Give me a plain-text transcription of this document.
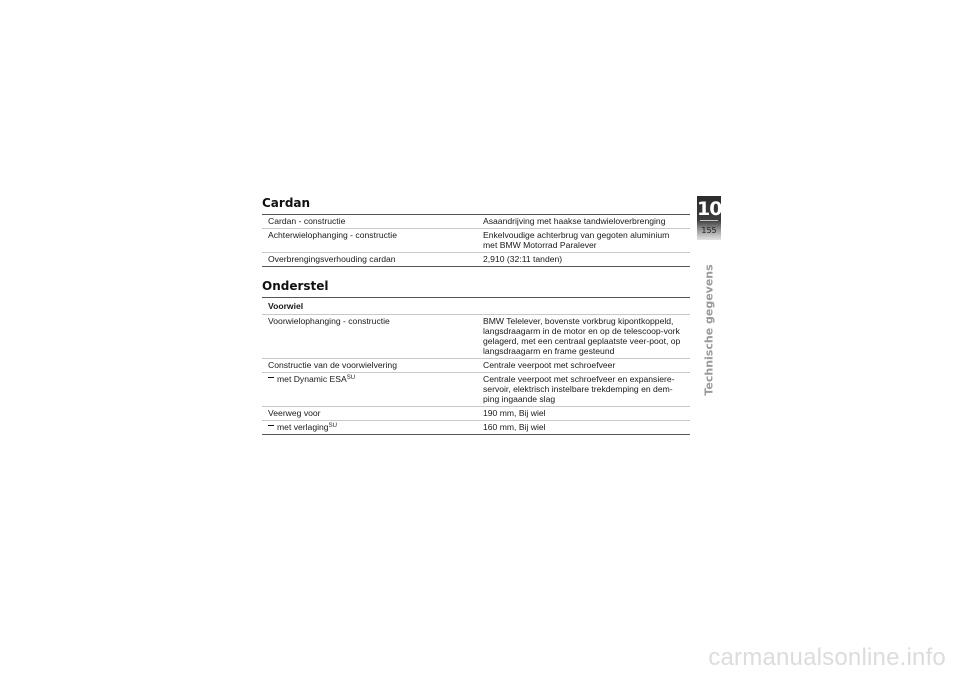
Cardan
Cardan - constructie	Asaandrijving met haakse tandwieloverbrenging
Achterwielophanging - constructie	Enkelvoudige achterbrug van gegoten aluminium met BMW Motorrad Paralever
Overbrengingsverhouding cardan	2,910 (32:11 tanden)
Onderstel
Voorwiel	
Voorwielophanging - constructie	BMW Telelever, bovenste vorkbrug kipontkoppeld, langsdraagarm in de motor en op de telescoop-vork gelagerd, met een centraal geplaatste veer-poot, op langsdraagarm en frame gesteund
Constructie van de voorwielvering	Centrale veerpoot met schroefveer
met Dynamic $ESA^{SU}$	Centrale veerpoot met schroefveer en expansiere-servoir, elektrisch instelbare trekdemping en dem-ping ingaande slag
Veerweg voor	190 mm, Bij wiel
met verlaging$^{SU}$	160 mm, Bij wiel
10
155
Technische gegevens
carmanualsonline.info
